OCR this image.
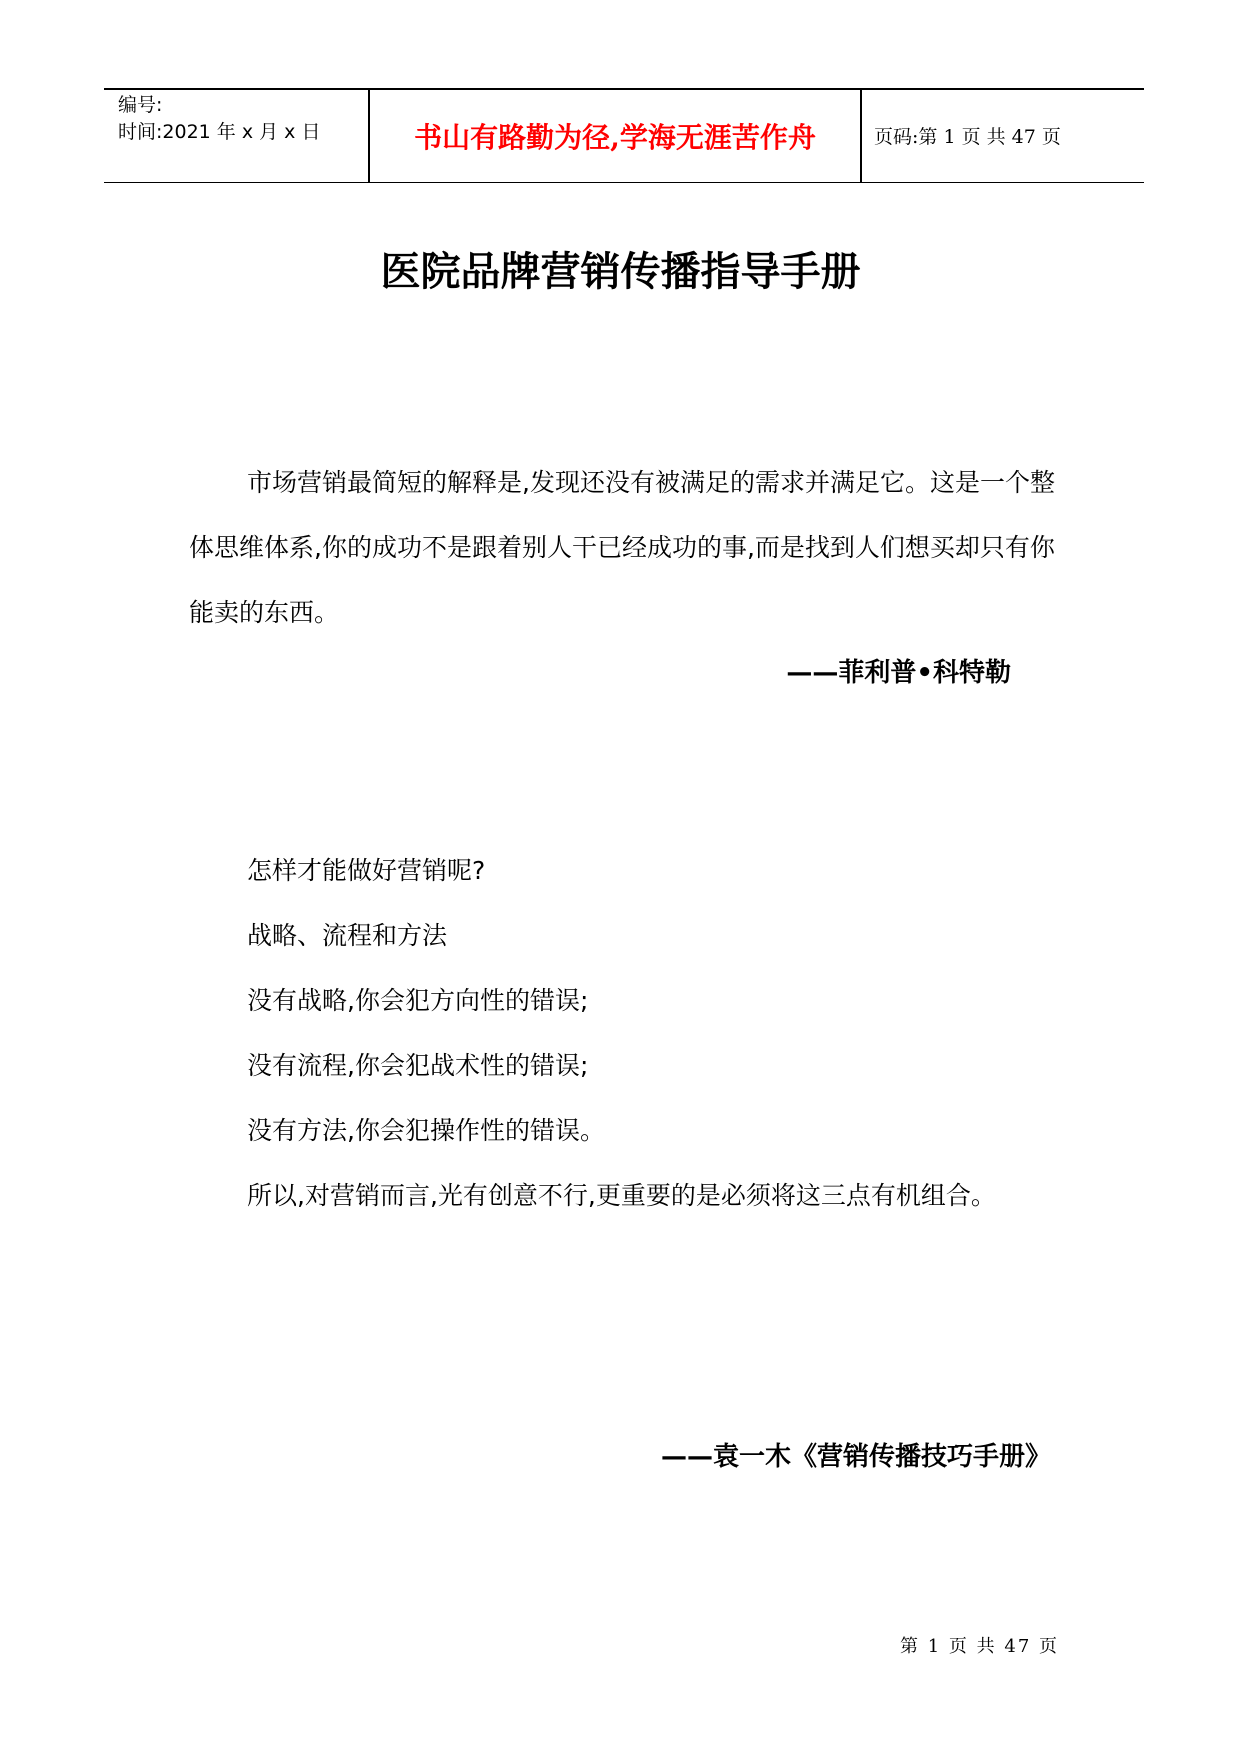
编号:
时间:2021 年 x 月 x 日	书山有路勤为径,学海无涯苦作舟	页码:第 1 页 共 47 页
医院品牌营销传播指导手册
市场营销最简短的解释是,发现还没有被满足的需求并满足它。这是一个整体思维体系,你的成功不是跟着别人干已经成功的事,而是找到人们想买却只有你能卖的东西。
——菲利普•科特勒
怎样才能做好营销呢?
战略、流程和方法
没有战略,你会犯方向性的错误;
没有流程,你会犯战术性的错误;
没有方法,你会犯操作性的错误。
所以,对营销而言,光有创意不行,更重要的是必须将这三点有机组合。
——袁一木《营销传播技巧手册》
第 1 页 共 47 页
